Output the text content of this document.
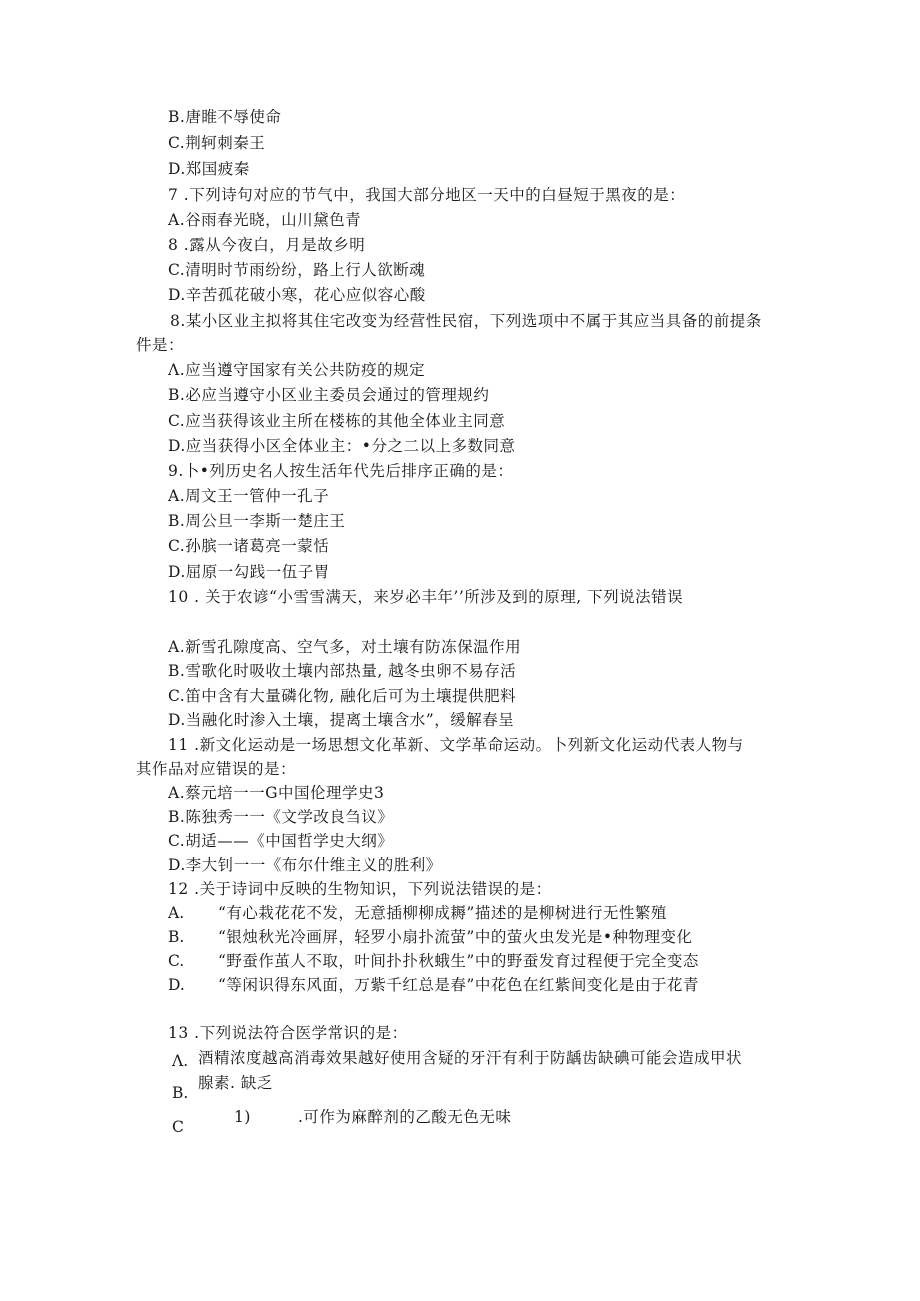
B.唐睢不辱使命
C.荆轲刺秦王
D.郑国疲秦
7 .下列诗句对应的节气中，我国大部分地区一天中的白昼短于黑夜的是：
A.谷雨春光晓，山川黛色青
8 .露从今夜白，月是故乡明
C.清明时节雨纷纷，路上行人欲断魂
D.辛苦孤花破小寒，花心应似容心酸
8.某小区业主拟将其住宅改变为经营性民宿，下列选项中不属于其应当具备的前提条
件是：
Λ.应当遵守国家有关公共防疫的规定
B.必应当遵守小区业主委员会通过的管理规约
C.应当获得该业主所在楼栋的其他全体业主同意
D.应当获得小区全体业主：•分之二以上多数同意
9.卜•列历史名人按生活年代先后排序正确的是：
A.周文王一管仲一孔子
B.周公旦一李斯一楚庄王
C.孙膑一诸葛亮一蒙恬
D.屈原一勾践一伍子胃
10 . 关于农谚“小雪雪满天，来岁必丰年’’所涉及到的原理, 下列说法错误
A.新雪孔隙度高、空气多，对土壤有防冻保温作用
B.雪歌化时吸收土壤内部热量, 越冬虫卵不易存活
C.笛中含有大量磷化物, 融化后可为土壤提供肥料
D.当融化时渗入土壤，提离土壤含水”，缓解春呈
11 .新文化运动是一场思想文化革新、文学革命运动。卜列新文化运动代表人物与
其作品对应错误的是：
A.蔡元培一一G中国伦理学史3
B.陈独秀一一《文学改良刍议》
C.胡适——《中国哲学史大纲》
D.李大钊一一《布尔什维主义的胜利》
12 .关于诗词中反映的生物知识，下列说法错误的是：
A. “有心栽花花不发，无意插柳柳成耨”描述的是柳树进行无性繁殖
B. “银烛秋光冷画屏，轻罗小扇扑流萤”中的萤火虫发光是•种物理变化
C. “野蚕作茧人不取，叶间扑扑秋蛾生”中的野蚕发育过程便于完全变态
D. “等闲识得东风面，万紫千红总是春”中花色在红紫间变化是由于花青
13 .下列说法符合医学常识的是：
Λ. 酒精浓度越高消毒效果越好使用含疑的牙汗有利于防龋齿缺碘可能会造成甲状
腺素. 缺乏
B.
1)	.可作为麻醉剂的乙酸无色无味
C
